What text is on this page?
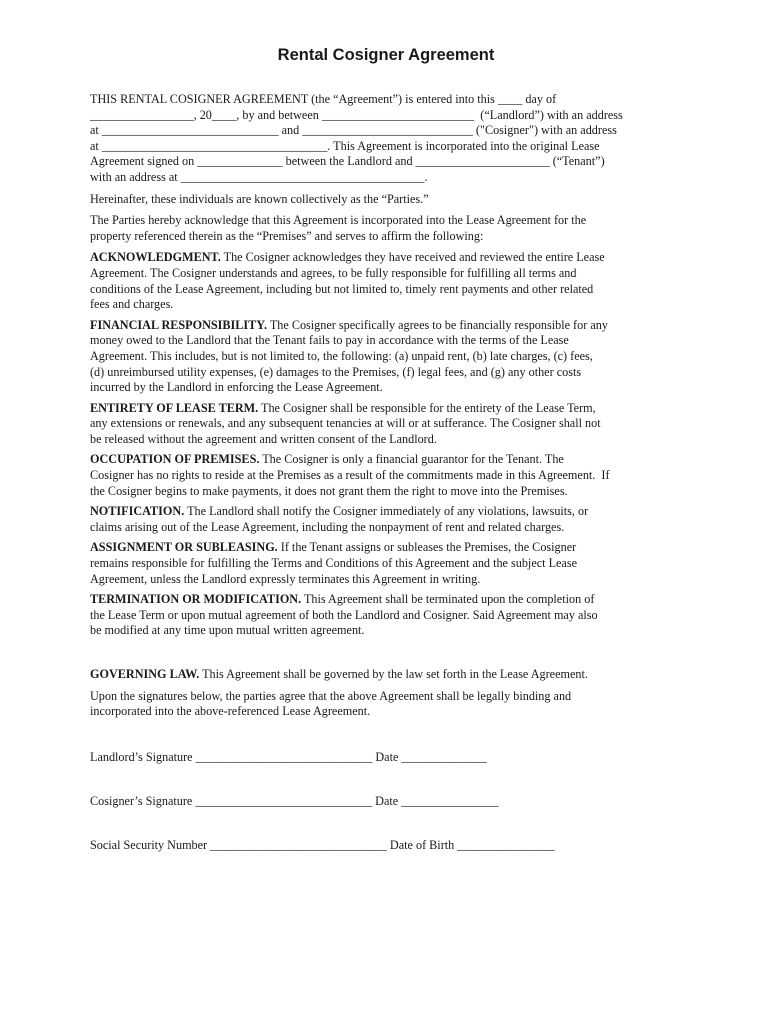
Rental Cosigner Agreement

THIS RENTAL COSIGNER AGREEMENT (the “Agreement”) is entered into this ____ day of
_________________, 20____, by and between _________________________  (“Landlord”) with an address
at _____________________________ and ____________________________ ("Cosigner") with an address
at _____________________________________. This Agreement is incorporated into the original Lease
Agreement signed on ______________ between the Landlord and ______________________ (“Tenant”)
with an address at ________________________________________.

Hereinafter, these individuals are known collectively as the “Parties.”

The Parties hereby acknowledge that this Agreement is incorporated into the Lease Agreement for the
property referenced therein as the “Premises” and serves to affirm the following:

ACKNOWLEDGMENT. The Cosigner acknowledges they have received and reviewed the entire Lease
Agreement. The Cosigner understands and agrees, to be fully responsible for fulfilling all terms and
conditions of the Lease Agreement, including but not limited to, timely rent payments and other related
fees and charges.

FINANCIAL RESPONSIBILITY. The Cosigner specifically agrees to be financially responsible for any
money owed to the Landlord that the Tenant fails to pay in accordance with the terms of the Lease
Agreement. This includes, but is not limited to, the following: (a) unpaid rent, (b) late charges, (c) fees,
(d) unreimbursed utility expenses, (e) damages to the Premises, (f) legal fees, and (g) any other costs
incurred by the Landlord in enforcing the Lease Agreement.

ENTIRETY OF LEASE TERM. The Cosigner shall be responsible for the entirety of the Lease Term,
any extensions or renewals, and any subsequent tenancies at will or at sufferance. The Cosigner shall not
be released without the agreement and written consent of the Landlord.

OCCUPATION OF PREMISES. The Cosigner is only a financial guarantor for the Tenant. The
Cosigner has no rights to reside at the Premises as a result of the commitments made in this Agreement.  If
the Cosigner begins to make payments, it does not grant them the right to move into the Premises.

NOTIFICATION. The Landlord shall notify the Cosigner immediately of any violations, lawsuits, or
claims arising out of the Lease Agreement, including the nonpayment of rent and related charges.

ASSIGNMENT OR SUBLEASING. If the Tenant assigns or subleases the Premises, the Cosigner
remains responsible for fulfilling the Terms and Conditions of this Agreement and the subject Lease
Agreement, unless the Landlord expressly terminates this Agreement in writing.

TERMINATION OR MODIFICATION. This Agreement shall be terminated upon the completion of
the Lease Term or upon mutual agreement of both the Landlord and Cosigner. Said Agreement may also
be modified at any time upon mutual written agreement.

GOVERNING LAW. This Agreement shall be governed by the law set forth in the Lease Agreement.

Upon the signatures below, the parties agree that the above Agreement shall be legally binding and
incorporated into the above-referenced Lease Agreement.

Landlord’s Signature _____________________________ Date ______________

Cosigner’s Signature _____________________________ Date ________________

Social Security Number _____________________________ Date of Birth ________________
